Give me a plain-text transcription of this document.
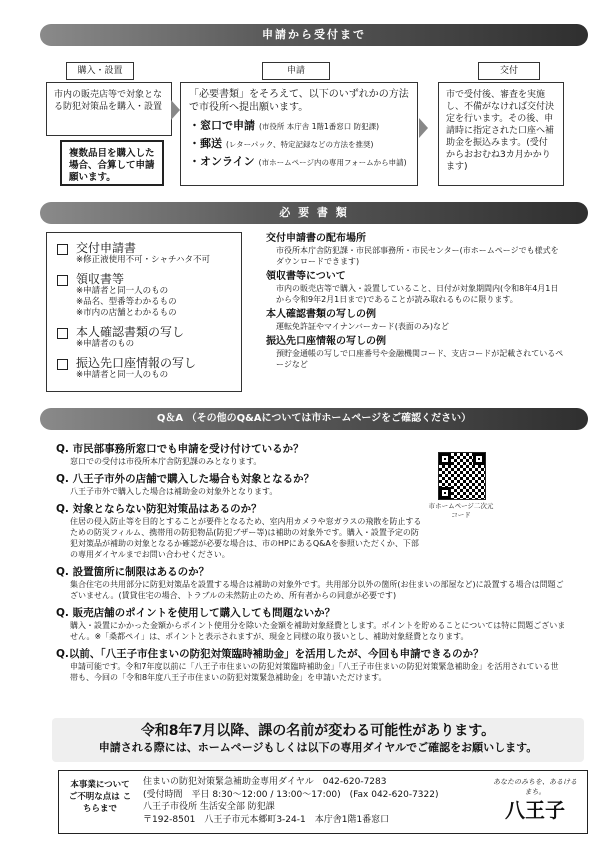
申請から受付まで
購入・設置
市内の販売店等で対象となる防犯対策品を購入・設置
複数品目を購入した場合、合算して申請願います。
申請
「必要書類」をそろえて、以下のいずれかの方法で市役所へ提出願います。
・窓口で申請 (市役所 本庁舎 1階1番窓口 防犯課)
・郵送 (レターパック、特定記録などの方法を推奨)
・オンライン (市ホームページ内の専用フォームから申請)
交付
市で受付後、審査を実施し、不備がなければ交付決定を行います。その後、申請時に指定された口座へ補助金を振込みます。(受付からおおむね3カ月かかります)
必 要 書 類
交付申請書
※修正液使用不可・シャチハタ不可
領収書等
※申請者と同一人のもの
※品名、型番等わかるもの
※市内の店舗とわかるもの
本人確認書類の写し
※申請者のもの
振込先口座情報の写し
※申請者と同一人のもの
交付申請書の配布場所
市役所本庁舎防犯課・市民部事務所・市民センター(市ホームページでも様式をダウンロードできます)
領収書等について
市内の販売店等で購入・設置していること、日付が対象期間内(令和8年4月1日から令和9年2月1日まで)であることが読み取れるものに限ります。
本人確認書類の写しの例
運転免許証やマイナンバーカード(表面のみ)など
振込先口座情報の写しの例
預貯金通帳の写しで口座番号や金融機関コード、支店コードが記載されているページなど
Q＆A （その他のQ&Aについては市ホームページをご確認ください）
Q. 市民部事務所窓口でも申請を受け付けているか？
窓口での受付は市役所本庁舎防犯課のみとなります。
Q. 八王子市外の店舗で購入した場合も対象となるか？
八王子市外で購入した場合は補助金の対象外となります。
Q. 対象とならない防犯対策品はあるのか？
住居の侵入防止等を目的とすることが要件となるため、室内用カメラや窓ガラスの飛散を防止するための防災フィルム、携帯用の防犯物品(防犯ブザー等)は補助の対象外です。購入・設置予定の防犯対策品が補助の対象となるか確認が必要な場合は、市のHPにあるQ&Aを参照いただくか、下部の専用ダイヤルまでお問い合わせください。
Q. 設置箇所に制限はあるのか？
集合住宅の共用部分に防犯対策品を設置する場合は補助の対象外です。共用部分以外の箇所(お住まいの部屋など)に設置する場合は問題ございません。(賃貸住宅の場合、トラブルの未然防止のため、所有者からの同意が必要です)
Q. 販売店舗のポイントを使用して購入しても問題ないか？
購入・設置にかかった金額からポイント使用分を除いた金額を補助対象経費とします。ポイントを貯めることについては特に問題ございません。※「桑都ペイ」は、ポイントと表示されますが、現金と同様の取り扱いとし、補助対象経費となります。
Q.以前、「八王子市住まいの防犯対策臨時補助金」を活用したが、今回も申請できるのか？
申請可能です。令和7年度以前に「八王子市住まいの防犯対策臨時補助金」「八王子市住まいの防犯対策緊急補助金」を活用されている世帯も、今回の「令和8年度八王子市住まいの防犯対策緊急補助金」を申請いただけます。
市ホームページ二次元コード
令和8年7月以降、課の名前が変わる可能性があります。
申請される際には、ホームページもしくは以下の専用ダイヤルでご確認をお願いします。
本事業について ご不明な点は こちらまで
住まいの防犯対策緊急補助金専用ダイヤル　042-620-7283
(受付時間　平日 8:30～12:00 / 13:00～17:00)　(Fax 042-620-7322)
八王子市役所 生活安全部 防犯課
〒192-8501　八王子市元本郷町3-24-1　本庁舎1階1番窓口
あなたのみちを、あるけるまち。
八王子
